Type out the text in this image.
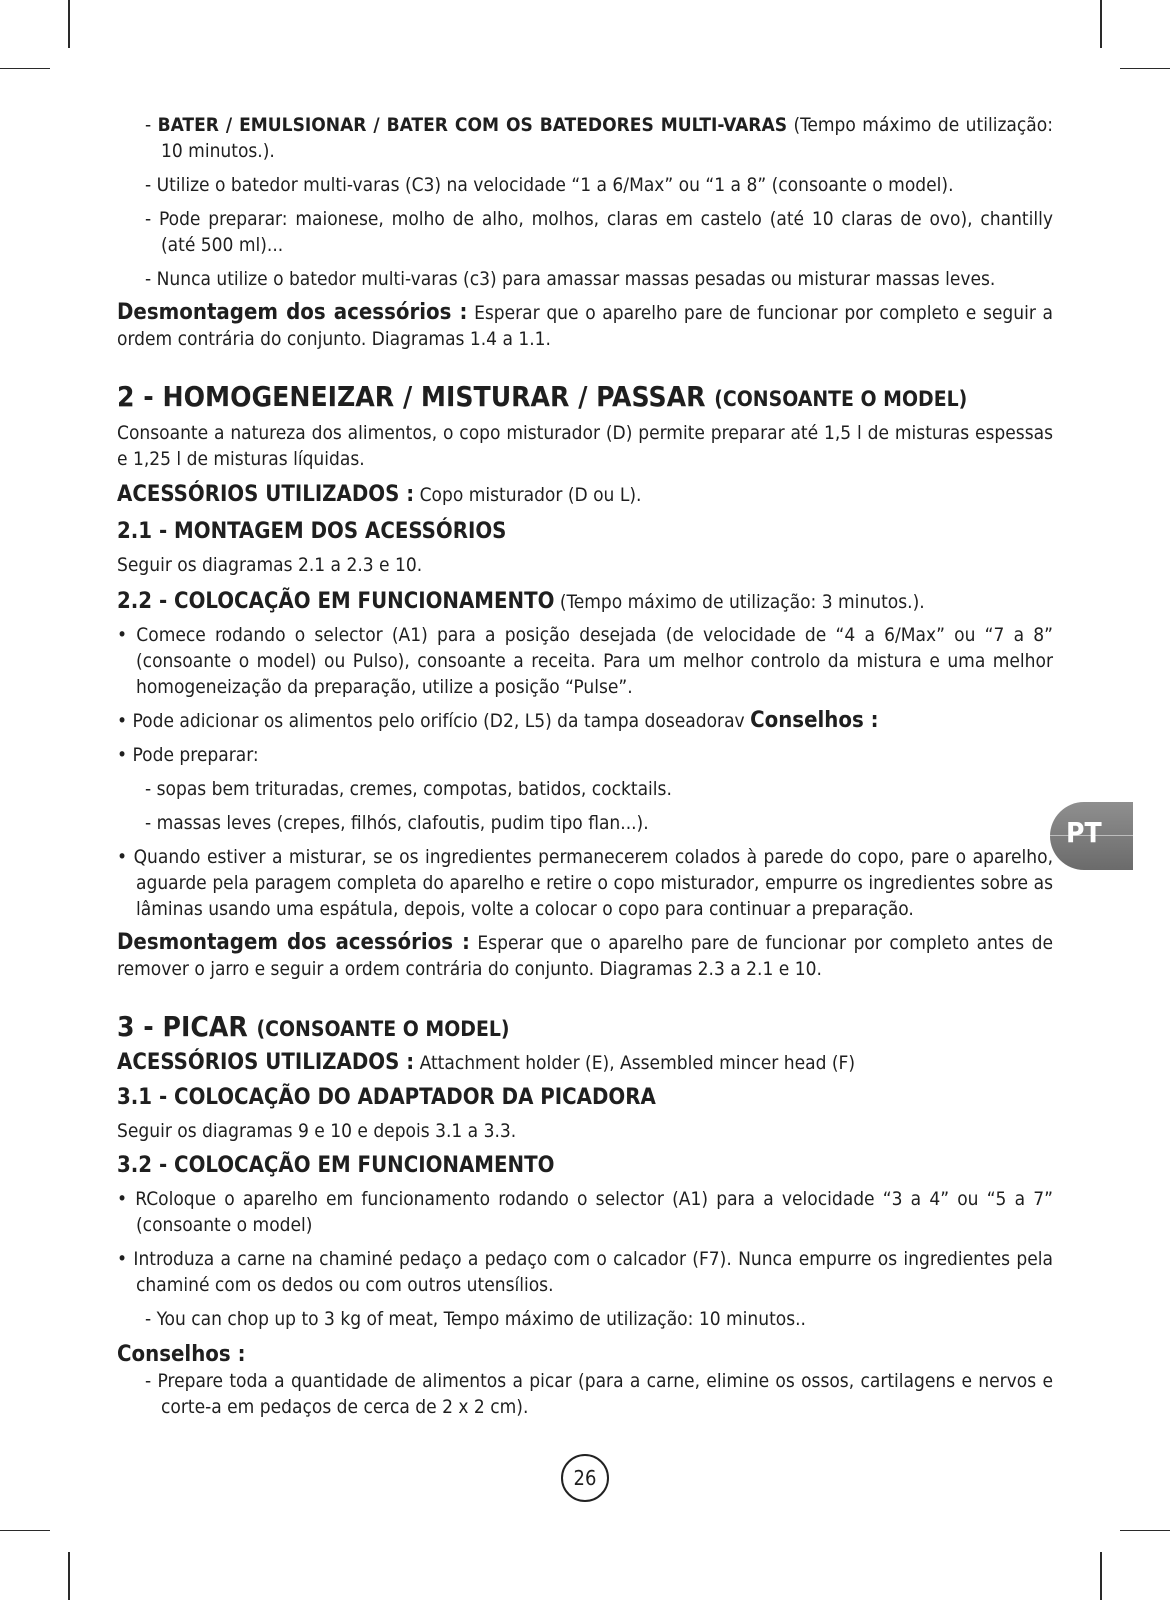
- BATER / EMULSIONAR / BATER COM OS BATEDORES MULTI-VARAS (Tempo máximo de utilização: 10 minutos.).

- Utilize o batedor multi-varas (C3) na velocidade “1 a 6/Max” ou “1 a 8” (consoante o model).

- Pode preparar: maionese, molho de alho, molhos, claras em castelo (até 10 claras de ovo), chantilly (até 500 ml)...

- Nunca utilize o batedor multi-varas (c3) para amassar massas pesadas ou misturar massas leves.

Desmontagem dos acessórios : Esperar que o aparelho pare de funcionar por completo e seguir a ordem contrária do conjunto. Diagramas 1.4 a 1.1.

2 - HOMOGENEIZAR / MISTURAR / PASSAR (CONSOANTE O MODEL)

Consoante a natureza dos alimentos, o copo misturador (D) permite preparar até 1,5 l de misturas espessas e 1,25 l de misturas líquidas.

ACESSÓRIOS UTILIZADOS : Copo misturador (D ou L).

2.1 - MONTAGEM DOS ACESSÓRIOS

Seguir os diagramas 2.1 a 2.3 e 10.

2.2 - COLOCAÇÃO EM FUNCIONAMENTO (Tempo máximo de utilização: 3 minutos.).

• Comece rodando o selector (A1) para a posição desejada (de velocidade de “4 a 6/Max” ou “7 a 8” (consoante o model) ou Pulso), consoante a receita. Para um melhor controlo da mistura e uma melhor homogeneização da preparação, utilize a posição “Pulse”.

• Pode adicionar os alimentos pelo orifício (D2, L5) da tampa doseadorav Conselhos :

• Pode preparar:

- sopas bem trituradas, cremes, compotas, batidos, cocktails.

- massas leves (crepes, filhós, clafoutis, pudim tipo flan...).

• Quando estiver a misturar, se os ingredientes permanecerem colados à parede do copo, pare o aparelho, aguarde pela paragem completa do aparelho e retire o copo misturador, empurre os ingredientes sobre as lâminas usando uma espátula, depois, volte a colocar o copo para continuar a preparação.

Desmontagem dos acessórios : Esperar que o aparelho pare de funcionar por completo antes de remover o jarro e seguir a ordem contrária do conjunto. Diagramas 2.3 a 2.1 e 10.

3 - PICAR (CONSOANTE O MODEL)

ACESSÓRIOS UTILIZADOS : Attachment holder (E), Assembled mincer head (F)

3.1 - COLOCAÇÃO DO ADAPTADOR DA PICADORA

Seguir os diagramas 9 e 10 e depois 3.1 a 3.3.

3.2 - COLOCAÇÃO EM FUNCIONAMENTO

• RColoque o aparelho em funcionamento rodando o selector (A1) para a velocidade “3 a 4” ou “5 a 7” (consoante o model)

• Introduza a carne na chaminé pedaço a pedaço com o calcador (F7). Nunca empurre os ingredientes pela chaminé com os dedos ou com outros utensílios.

- You can chop up to 3 kg of meat, Tempo máximo de utilização: 10 minutos..

Conselhos :

- Prepare toda a quantidade de alimentos a picar (para a carne, elimine os ossos, cartilagens e nervos e corte-a em pedaços de cerca de 2 x 2 cm).

PT
26
